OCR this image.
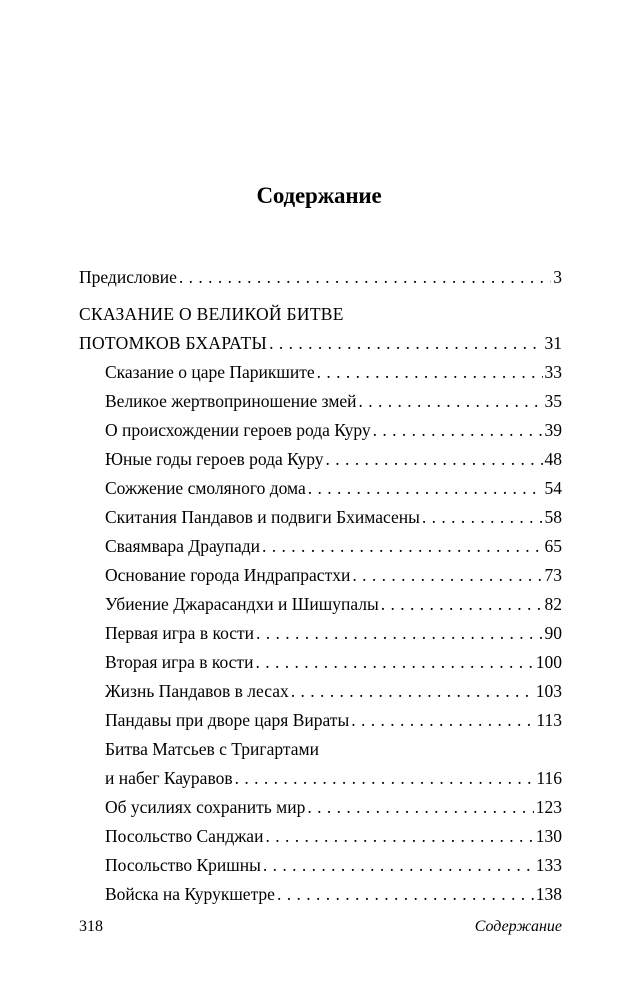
Содержание
Предисловие . . .	3
СКАЗАНИЕ О ВЕЛИКОЙ БИТВЕ
ПОТОМКОВ БХАРАТЫ . . .	31
Сказание о царе Парикшите . . .	33
Великое жертвоприношение змей . . .	35
О происхождении героев рода Куру . . .	39
Юные годы героев рода Куру . . .	48
Сожжение смоляного дома . . .	54
Скитания Пандавов и подвиги Бхимасены . . .	58
Сваямвара Драупади . . .	65
Основание города Индрапрастхи . . .	73
Убиение Джарасандхи и Шишупалы . . .	82
Первая игра в кости . . .	90
Вторая игра в кости . . .	100
Жизнь Пандавов в лесах . . .	103
Пандавы при дворе царя Вираты . . .	113
Битва Матсьев с Тригартами
и набег Кауравов . . .	116
Об усилиях сохранить мир . . .	123
Посольство Санджаи . . .	130
Посольство Кришны . . .	133
Войска на Курукшетре . . .	138
318	Содержание
